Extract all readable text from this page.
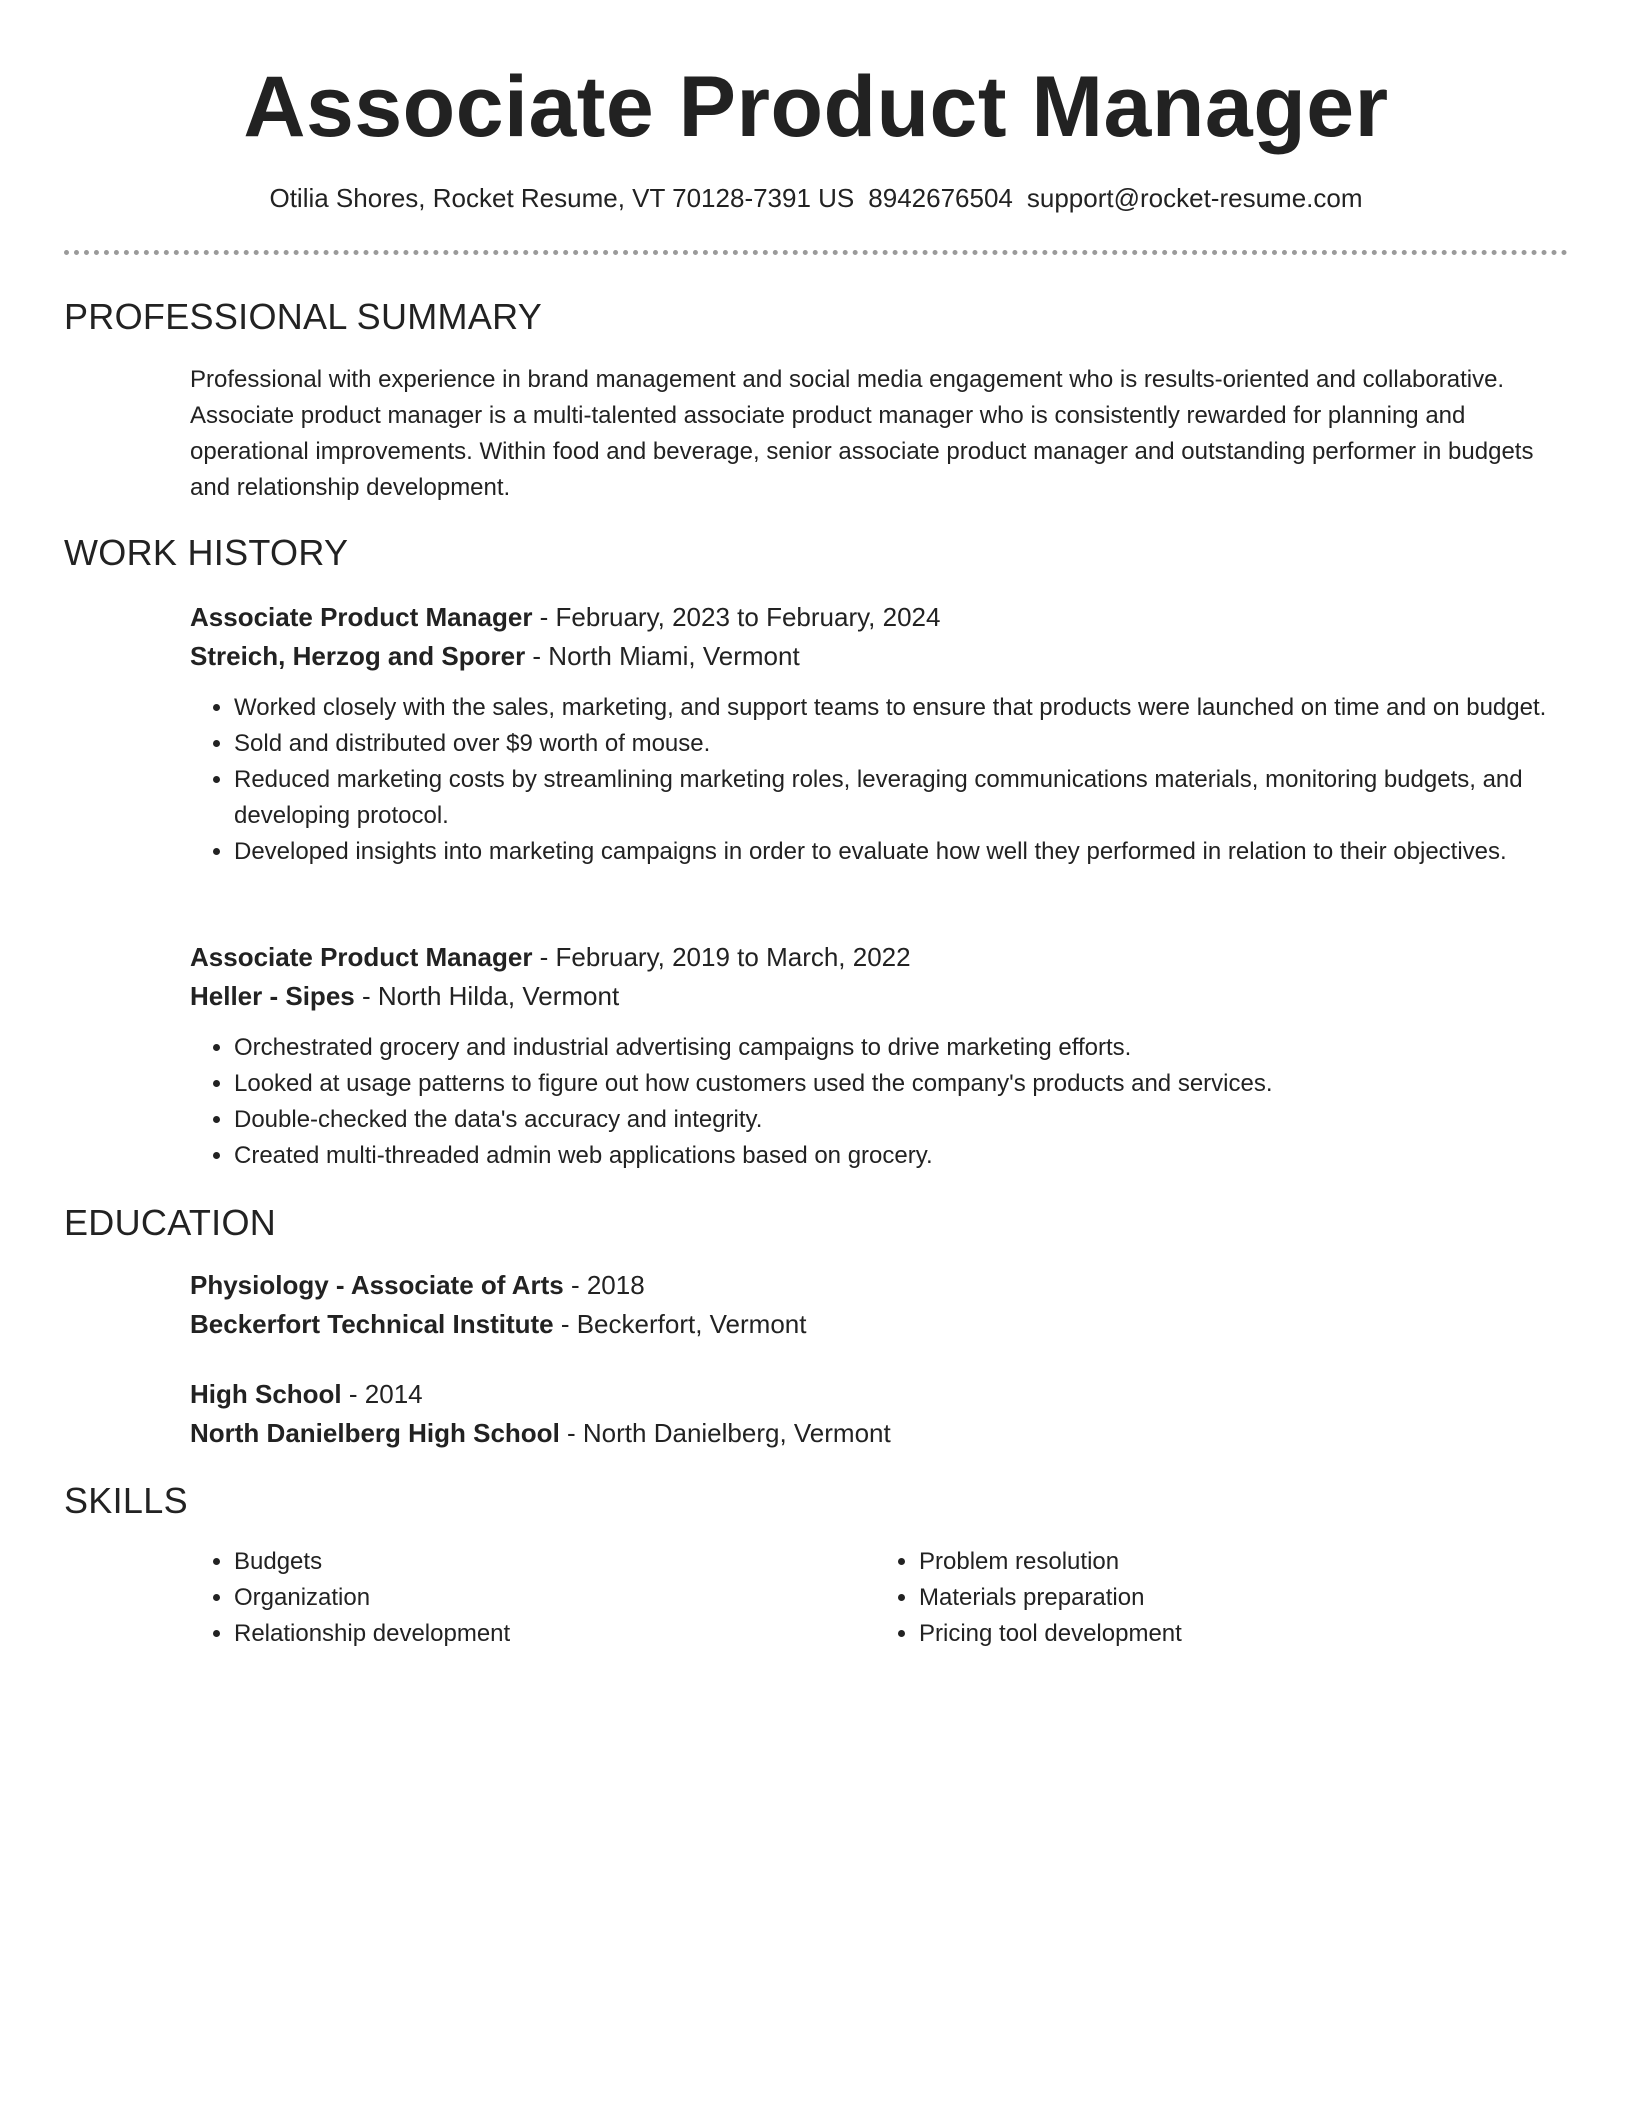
Associate Product Manager
Otilia Shores, Rocket Resume, VT 70128-7391 US 8942676504 support@rocket-resume.com
PROFESSIONAL SUMMARY

Professional with experience in brand management and social media engagement who is results-oriented and collaborative. Associate product manager is a multi-talented associate product manager who is consistently rewarded for planning and operational improvements. Within food and beverage, senior associate product manager and outstanding performer in budgets and relationship development.

WORK HISTORY
Associate Product Manager - February, 2023 to February, 2024
Streich, Herzog and Sporer - North Miami, Vermont
• Worked closely with the sales, marketing, and support teams to ensure that products were launched on time and on budget.
• Sold and distributed over $9 worth of mouse.
• Reduced marketing costs by streamlining marketing roles, leveraging communications materials, monitoring budgets, and developing protocol.
• Developed insights into marketing campaigns in order to evaluate how well they performed in relation to their objectives.
Associate Product Manager - February, 2019 to March, 2022
Heller - Sipes - North Hilda, Vermont
• Orchestrated grocery and industrial advertising campaigns to drive marketing efforts.
• Looked at usage patterns to figure out how customers used the company's products and services.
• Double-checked the data's accuracy and integrity.
• Created multi-threaded admin web applications based on grocery.
EDUCATION
Physiology - Associate of Arts - 2018
Beckerfort Technical Institute - Beckerfort, Vermont
High School - 2014
North Danielberg High School - North Danielberg, Vermont
SKILLS
• Budgets
• Organization
• Relationship development
• Problem resolution
• Materials preparation
• Pricing tool development
